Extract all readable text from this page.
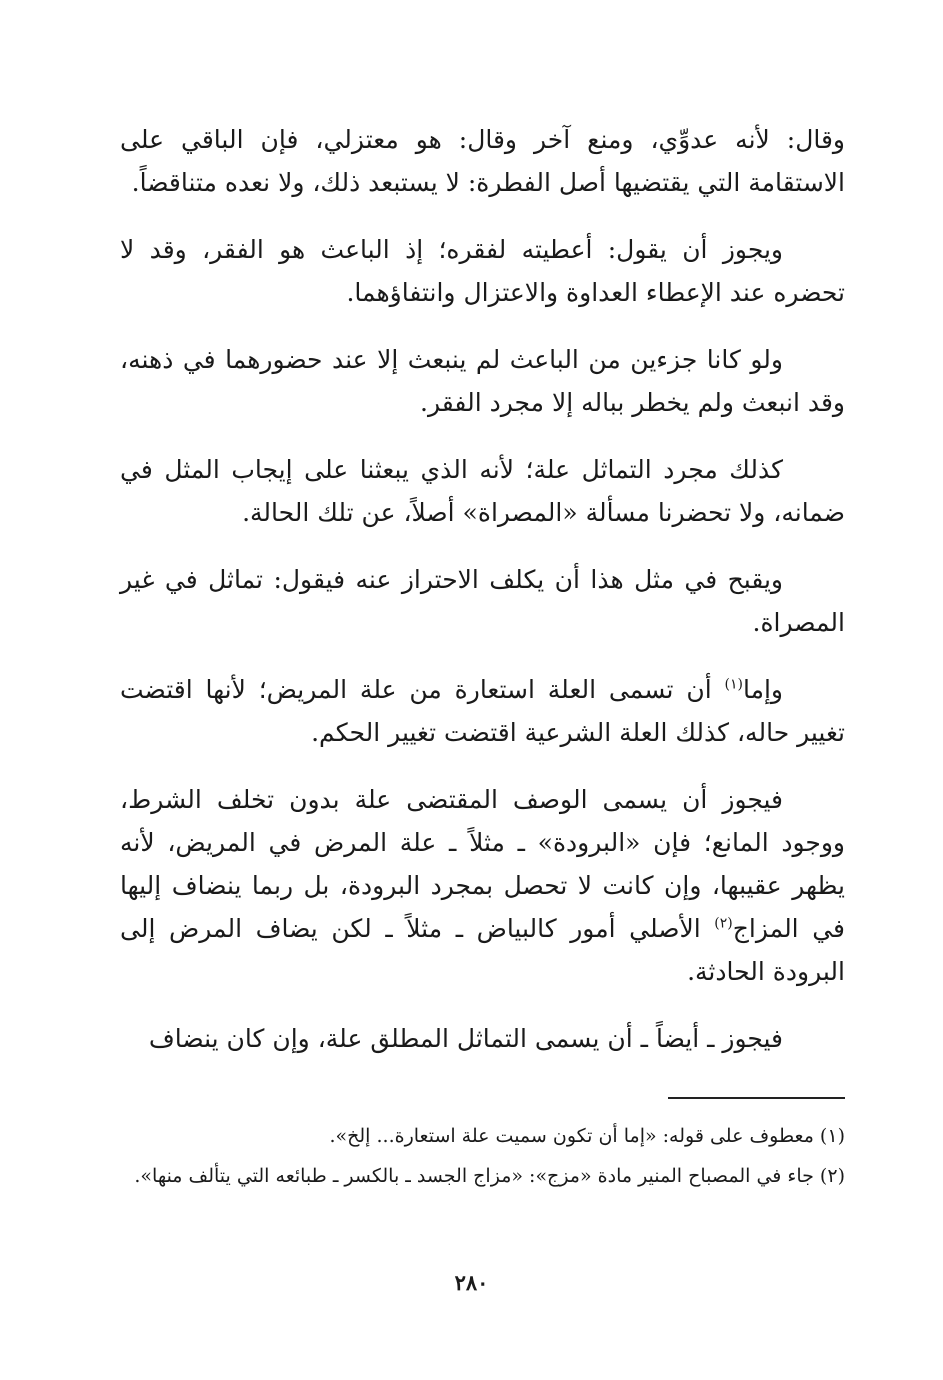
وقال: لأنه عدوِّي، ومنع آخر وقال: هو معتزلي، فإن الباقي على الاستقامة التي يقتضيها أصل الفطرة: لا يستبعد ذلك، ولا نعده متناقضاً.

ويجوز أن يقول: أعطيته لفقره؛ إذ الباعث هو الفقر، وقد لا تحضره عند الإعطاء العداوة والاعتزال وانتفاؤهما.

ولو كانا جزءين من الباعث لم ينبعث إلا عند حضورهما في ذهنه، وقد انبعث ولم يخطر بباله إلا مجرد الفقر.

كذلك مجرد التماثل علة؛ لأنه الذي يبعثنا على إيجاب المثل في ضمانه، ولا تحضرنا مسألة «المصراة» أصلاً، عن تلك الحالة.

ويقبح في مثل هذا أن يكلف الاحتراز عنه فيقول: تماثل في غير المصراة.

وإما$^{(١)}$ أن تسمى العلة استعارة من علة المريض؛ لأنها اقتضت تغيير حاله، كذلك العلة الشرعية اقتضت تغيير الحكم.

فيجوز أن يسمى الوصف المقتضى علة بدون تخلف الشرط، ووجود المانع؛ فإن «البرودة» ـ مثلاً ـ علة المرض في المريض، لأنه يظهر عقيبها، وإن كانت لا تحصل بمجرد البرودة، بل ربما ينضاف إليها في المزاج$^{(٢)}$ الأصلي أمور كالبياض ـ مثلاً ـ لكن يضاف المرض إلى البرودة الحادثة.

فيجوز ـ أيضاً ـ أن يسمى التماثل المطلق علة، وإن كان ينضاف

(١) معطوف على قوله: «إما أن تكون سميت علة استعارة... إلخ».

(٢) جاء في المصباح المنير مادة «مزج»: «مزاج الجسد ـ بالكسر ـ طبائعه التي يتألف منها».

٢٨٠
